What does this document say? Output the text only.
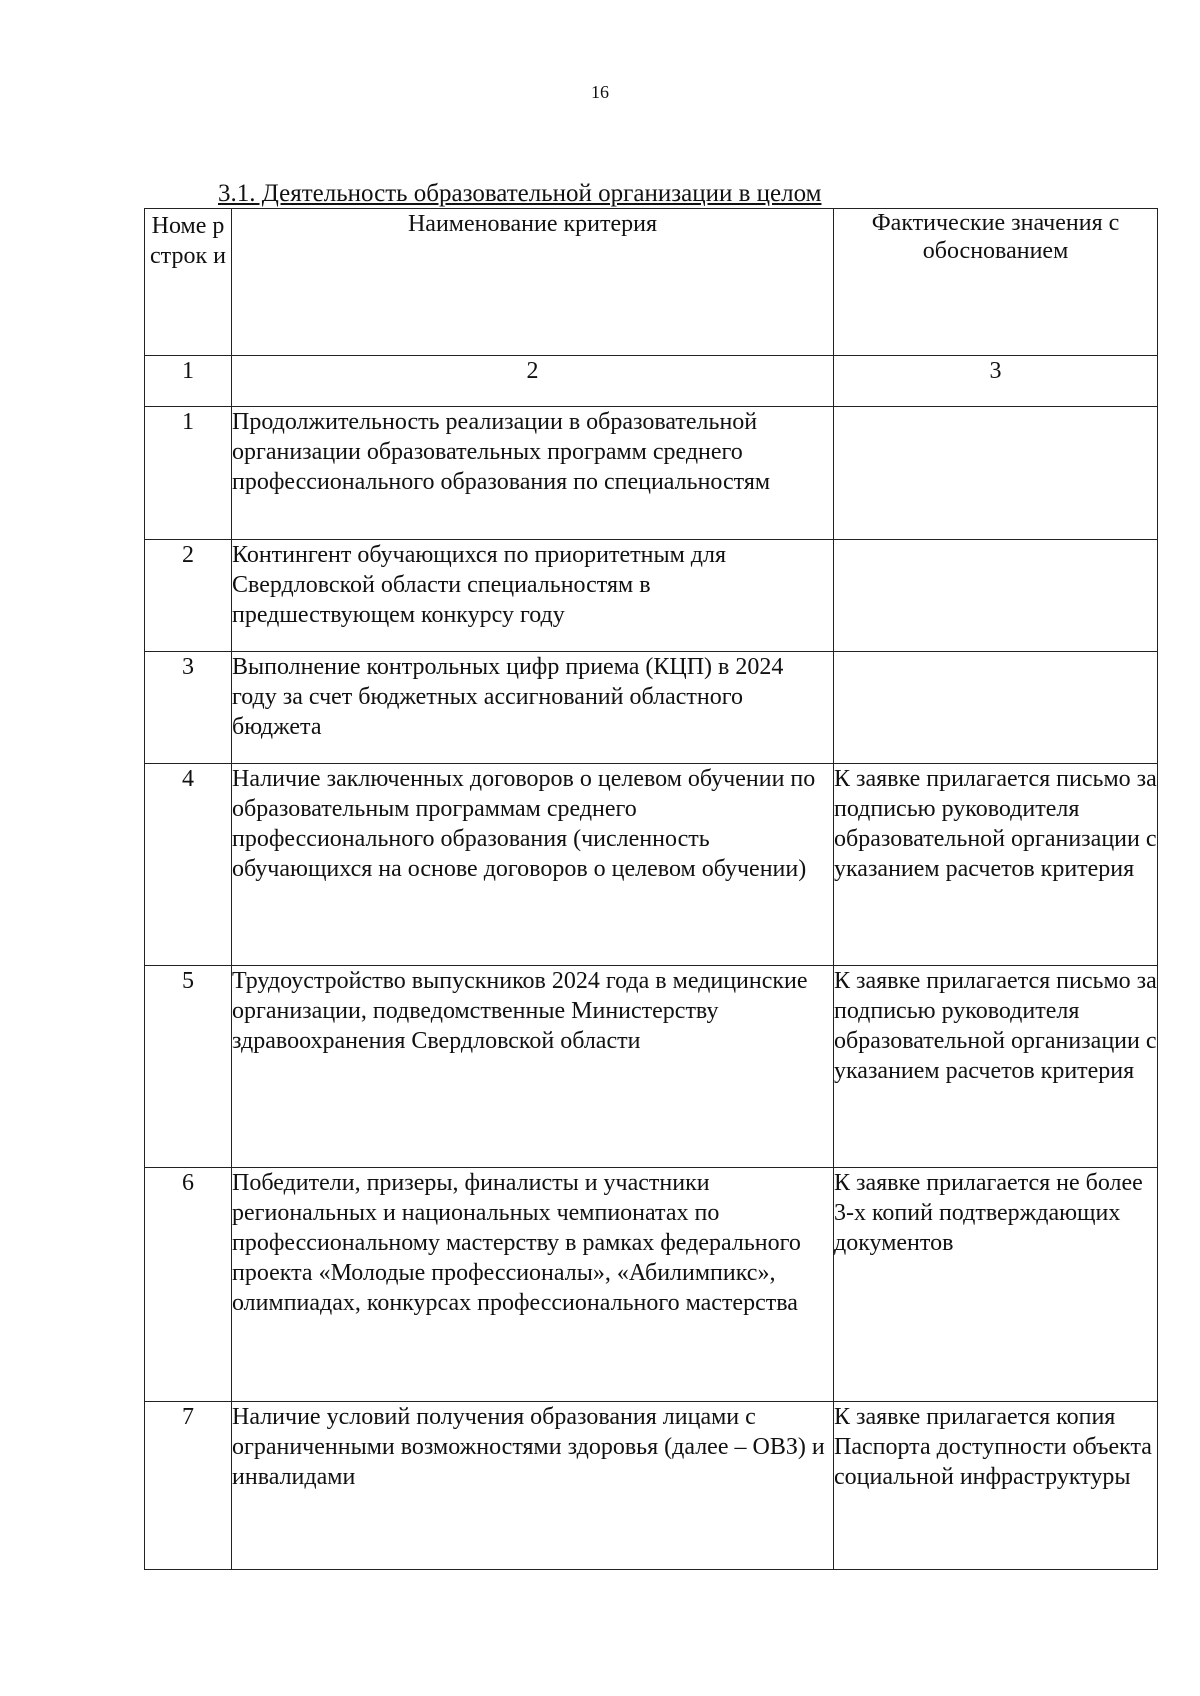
16
3.1. Деятельность образовательной организации в целом
Номе р строк и	Наименование критерия	Фактические значения с обоснованием
1	2	3
1	Продолжительность реализации в образовательной организации образовательных программ среднего профессионального образования по специальностям	
2	Контингент обучающихся по приоритетным для Свердловской области специальностям в предшествующем конкурсу году	
3	Выполнение контрольных цифр приема (КЦП) в 2024 году за счет бюджетных ассигнований областного бюджета	
4	Наличие заключенных договоров о целевом обучении по образовательным программам среднего профессионального образования (численность обучающихся на основе договоров о целевом обучении)	К заявке прилагается письмо за подписью руководителя образовательной организации с указанием расчетов критерия
5	Трудоустройство выпускников 2024 года в медицинские организации, подведомственные Министерству здравоохранения Свердловской области	К заявке прилагается письмо за подписью руководителя образовательной организации с указанием расчетов критерия
6	Победители, призеры, финалисты и участники региональных и национальных чемпионатах по профессиональному мастерству в рамках федерального проекта «Молодые профессионалы», «Абилимпикс», олимпиадах, конкурсах профессионального мастерства	К заявке прилагается не более 3-х копий подтверждающих документов
7	Наличие условий получения образования лицами с ограниченными возможностями здоровья (далее – ОВЗ) и инвалидами	К заявке прилагается копия Паспорта доступности объекта социальной инфраструктуры
